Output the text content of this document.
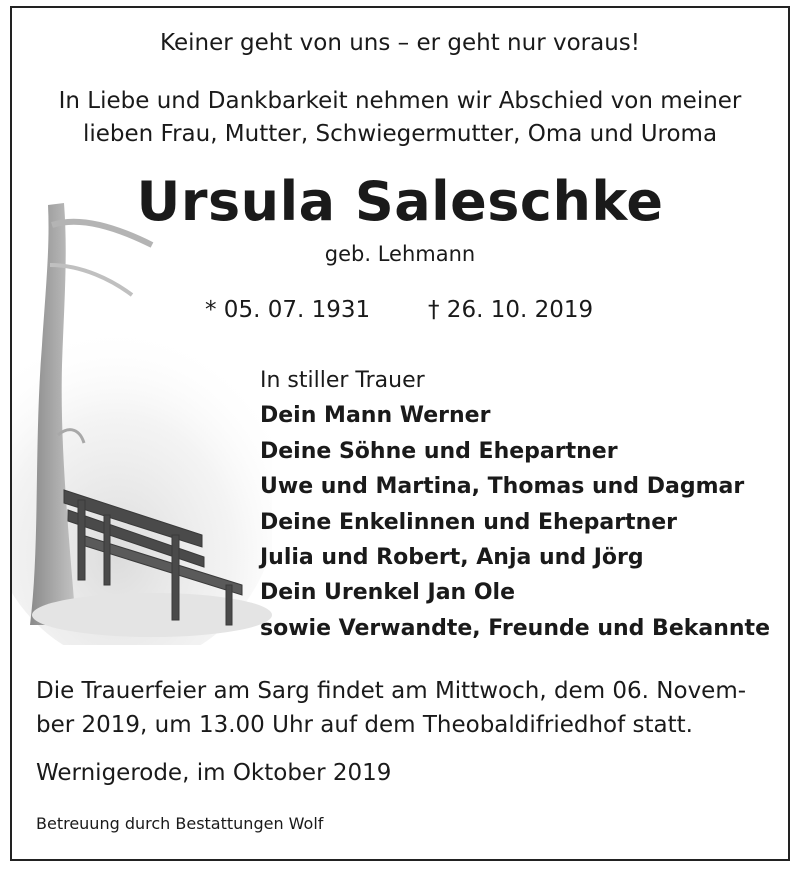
Keiner geht von uns – er geht nur voraus!
In Liebe und Dankbarkeit nehmen wir Abschied von meiner
lieben Frau, Mutter, Schwiegermutter, Oma und Uroma
Ursula Saleschke
geb. Lehmann
* 05. 07. 1931	† 26. 10. 2019
In stiller Trauer
Dein Mann Werner
Deine Söhne und Ehepartner
Uwe und Martina, Thomas und Dagmar
Deine Enkelinnen und Ehepartner
Julia und Robert, Anja und Jörg
Dein Urenkel Jan Ole
sowie Verwandte, Freunde und Bekannte
Die Trauerfeier am Sarg findet am Mittwoch, dem 06. Novem-
ber 2019, um 13.00 Uhr auf dem Theobaldifriedhof statt.
Wernigerode, im Oktober 2019
Betreuung durch Bestattungen Wolf
